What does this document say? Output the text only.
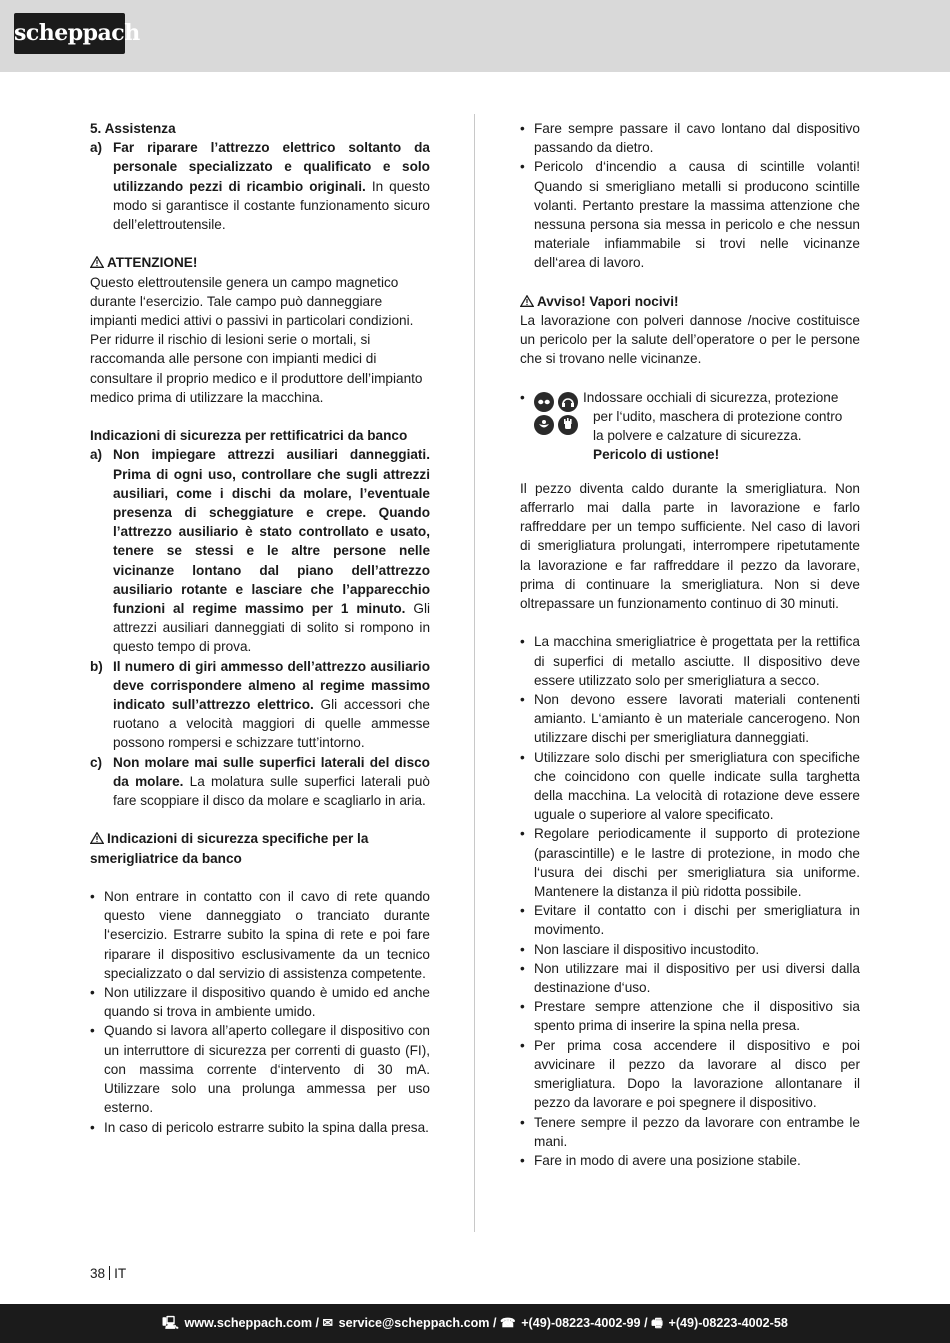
scheppach

5. Assistenza

a) Far riparare l’attrezzo elettrico soltanto da personale specializzato e qualificato e solo utilizzando pezzi di ricambio originali. In questo modo si garantisce il costante funzionamento sicuro dell’elettroutensile.

ATTENZIONE!

Questo elettroutensile genera un campo magnetico durante l‘esercizio. Tale campo può danneggiare impianti medici attivi o passivi in particolari condizioni. Per ridurre il rischio di lesioni serie o mortali, si raccomanda alle persone con impianti medici di consultare il proprio medico e il produttore dell’impianto medico prima di utilizzare la macchina.

Indicazioni di sicurezza per rettificatrici da banco

a) Non impiegare attrezzi ausiliari danneggiati. Prima di ogni uso, controllare che sugli attrezzi ausiliari, come i dischi da molare, l’eventuale presenza di scheggiature e crepe. Quando l’attrezzo ausiliario è stato controllato e usato, tenere se stessi e le altre persone nelle vicinanze lontano dal piano dell’attrezzo ausiliario rotante e lasciare che l’apparecchio funzioni al regime massimo per 1 minuto. Gli attrezzi ausiliari danneggiati di solito si rompono in questo tempo di prova.
b) Il numero di giri ammesso dell’attrezzo ausiliario deve corrispondere almeno al regime massimo indicato sull’attrezzo elettrico. Gli accessori che ruotano a velocità maggiori di quelle ammesse possono rompersi e schizzare tutt’intorno.
c) Non molare mai sulle superfici laterali del disco da molare. La molatura sulle superfici laterali può fare scoppiare il disco da molare e scagliarlo in aria.

Indicazioni di sicurezza specifiche per la smerigliatrice da banco

• Non entrare in contatto con il cavo di rete quando questo viene danneggiato o tranciato durante l‘esercizio. Estrarre subito la spina di rete e poi fare riparare il dispositivo esclusivamente da un tecnico specializzato o dal servizio di assistenza competente.
• Non utilizzare il dispositivo quando è umido ed anche quando si trova in ambiente umido.
• Quando si lavora all’aperto collegare il dispositivo con un interruttore di sicurezza per correnti di guasto (FI), con massima corrente d‘intervento di 30 mA. Utilizzare solo una prolunga ammessa per uso esterno.
• In caso di pericolo estrarre subito la spina dalla presa.
• Fare sempre passare il cavo lontano dal dispositivo passando da dietro.
• Pericolo d‘incendio a causa di scintille volanti! Quando si smerigliano metalli si producono scintille volanti. Pertanto prestare la massima attenzione che nessuna persona sia messa in pericolo e che nessun materiale infiammabile si trovi nelle vicinanze dell‘area di lavoro.

Avviso! Vapori nocivi!

La lavorazione con polveri dannose /nocive costituisce un pericolo per la salute dell’operatore o per le persone che si trovano nelle vicinanze.

•	Indossare occhiali di sicurezza, protezione
per l‘udito, maschera di protezione contro
la polvere e calzature di sicurezza.
Pericolo di ustione!

Il pezzo diventa caldo durante la smerigliatura. Non afferrarlo mai dalla parte in lavorazione e farlo raffreddare per un tempo sufficiente. Nel caso di lavori di smerigliatura prolungati, interrompere ripetutamente la lavorazione e far raffreddare il pezzo da lavorare, prima di continuare la smerigliatura. Non si deve oltrepassare un funzionamento continuo di 30 minuti.

• La macchina smerigliatrice è progettata per la rettifica di superfici di metallo asciutte. Il dispositivo deve essere utilizzato solo per smerigliatura a secco.
• Non devono essere lavorati materiali contenenti amianto. L‘amianto è un materiale cancerogeno. Non utilizzare dischi per smerigliatura danneggiati.
• Utilizzare solo dischi per smerigliatura con specifiche che coincidono con quelle indicate sulla targhetta della macchina. La velocità di rotazione deve essere uguale o superiore al valore specificato.
• Regolare periodicamente il supporto di protezione (parascintille) e le lastre di protezione, in modo che l‘usura dei dischi per smerigliatura sia uniforme. Mantenere la distanza il più ridotta possibile.
• Evitare il contatto con i dischi per smerigliatura in movimento.
• Non lasciare il dispositivo incustodito.
• Non utilizzare mai il dispositivo per usi diversi dalla destinazione d‘uso.
• Prestare sempre attenzione che il dispositivo sia spento prima di inserire la spina nella presa.
• Per prima cosa accendere il dispositivo e poi avvicinare il pezzo da lavorare al disco per smerigliatura. Dopo la lavorazione allontanare il pezzo da lavorare e poi spegnere il dispositivo.
• Tenere sempre il pezzo da lavorare con entrambe le mani.
• Fare in modo di avere una posizione stabile.
38 IT
🖳 www.scheppach.com / ✉ service@scheppach.com / ☎ +(49)-08223-4002-99 / 🖷 +(49)-08223-4002-58
